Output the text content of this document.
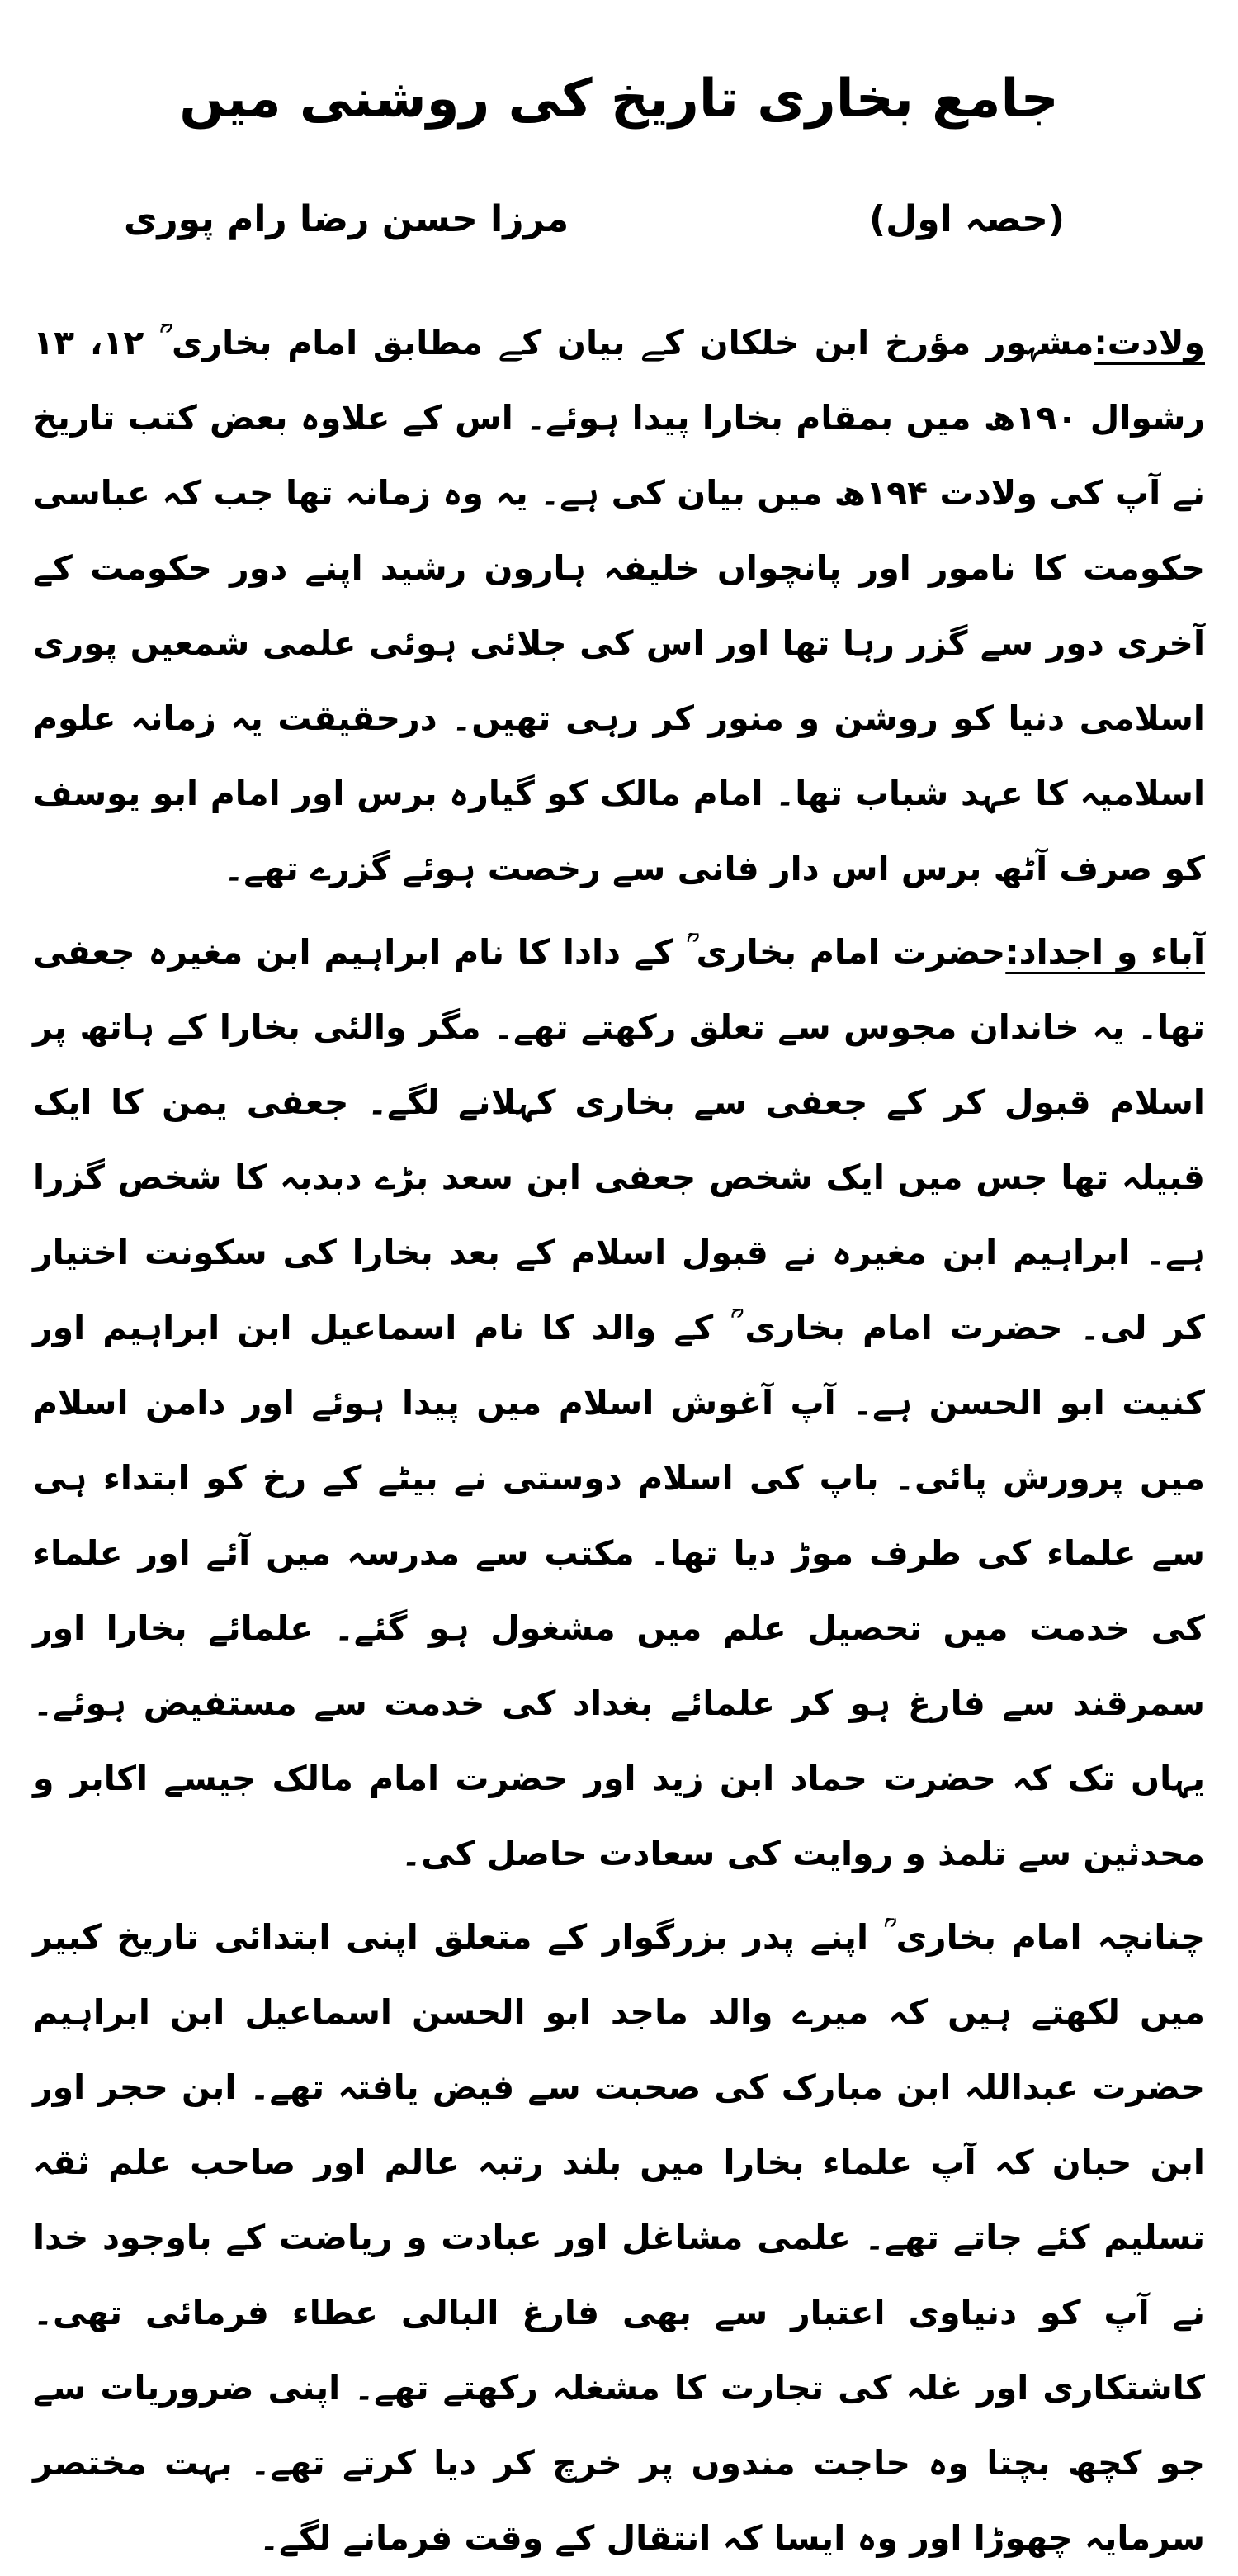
جامع بخاری تاریخ کی روشنی میں
(حصہ اول)
مرزا حسن رضا رام پوری

ولادت:مشہور مؤرخ ابن خلکان کے بیان کے مطابق امام بخاری ؒ ۱۲، ۱۳ رشوال ۱۹۰ھ میں بمقام بخارا پیدا ہوئے۔ اس کے علاوہ بعض کتب تاریخ نے آپ کی ولادت ۱۹۴ھ میں بیان کی ہے۔ یہ وہ زمانہ تھا جب کہ عباسی حکومت کا نامور اور پانچواں خلیفہ ہارون رشید اپنے دور حکومت کے آخری دور سے گزر رہا تھا اور اس کی جلائی ہوئی علمی شمعیں پوری اسلامی دنیا کو روشن و منور کر رہی تھیں۔ درحقیقت یہ زمانہ علوم اسلامیہ کا عہد شباب تھا۔ امام مالک کو گیارہ برس اور امام ابو یوسف کو صرف آٹھ برس اس دار فانی سے رخصت ہوئے گزرے تھے۔

آباء و اجداد:حضرت امام بخاری ؒ کے دادا کا نام ابراہیم ابن مغیرہ جعفی تھا۔ یہ خاندان مجوس سے تعلق رکھتے تھے۔ مگر والئی بخارا کے ہاتھ پر اسلام قبول کر کے جعفی سے بخاری کہلانے لگے۔ جعفی یمن کا ایک قبیلہ تھا جس میں ایک شخص جعفی ابن سعد بڑے دبدبہ کا شخص گزرا ہے۔ ابراہیم ابن مغیرہ نے قبول اسلام کے بعد بخارا کی سکونت اختیار کر لی۔ حضرت امام بخاری ؒ کے والد کا نام اسماعیل ابن ابراہیم اور کنیت ابو الحسن ہے۔ آپ آغوش اسلام میں پیدا ہوئے اور دامن اسلام میں پرورش پائی۔ باپ کی اسلام دوستی نے بیٹے کے رخ کو ابتداء ہی سے علماء کی طرف موڑ دیا تھا۔ مکتب سے مدرسہ میں آئے اور علماء کی خدمت میں تحصیل علم میں مشغول ہو گئے۔ علمائے بخارا اور سمرقند سے فارغ ہو کر علمائے بغداد کی خدمت سے مستفیض ہوئے۔ یہاں تک کہ حضرت حماد ابن زید اور حضرت امام مالک جیسے اکابر و محدثین سے تلمذ و روایت کی سعادت حاصل کی۔

چنانچہ امام بخاری ؒ اپنے پدر بزرگوار کے متعلق اپنی ابتدائی تاریخ کبیر میں لکھتے ہیں کہ میرے والد ماجد ابو الحسن اسماعیل ابن ابراہیم حضرت عبداللہ ابن مبارک کی صحبت سے فیض یافتہ تھے۔ ابن حجر اور ابن حبان کہ آپ علماء بخارا میں بلند رتبہ عالم اور صاحب علم ثقہ تسلیم کئے جاتے تھے۔ علمی مشاغل اور عبادت و ریاضت کے باوجود خدا نے آپ کو دنیاوی اعتبار سے بھی فارغ البالی عطاء فرمائی تھی۔ کاشتکاری اور غلہ کی تجارت کا مشغلہ رکھتے تھے۔ اپنی ضروریات سے جو کچھ بچتا وہ حاجت مندوں پر خرچ کر دیا کرتے تھے۔ بہت مختصر سرمایہ چھوڑا اور وہ ایسا کہ انتقال کے وقت فرمانے لگے۔
